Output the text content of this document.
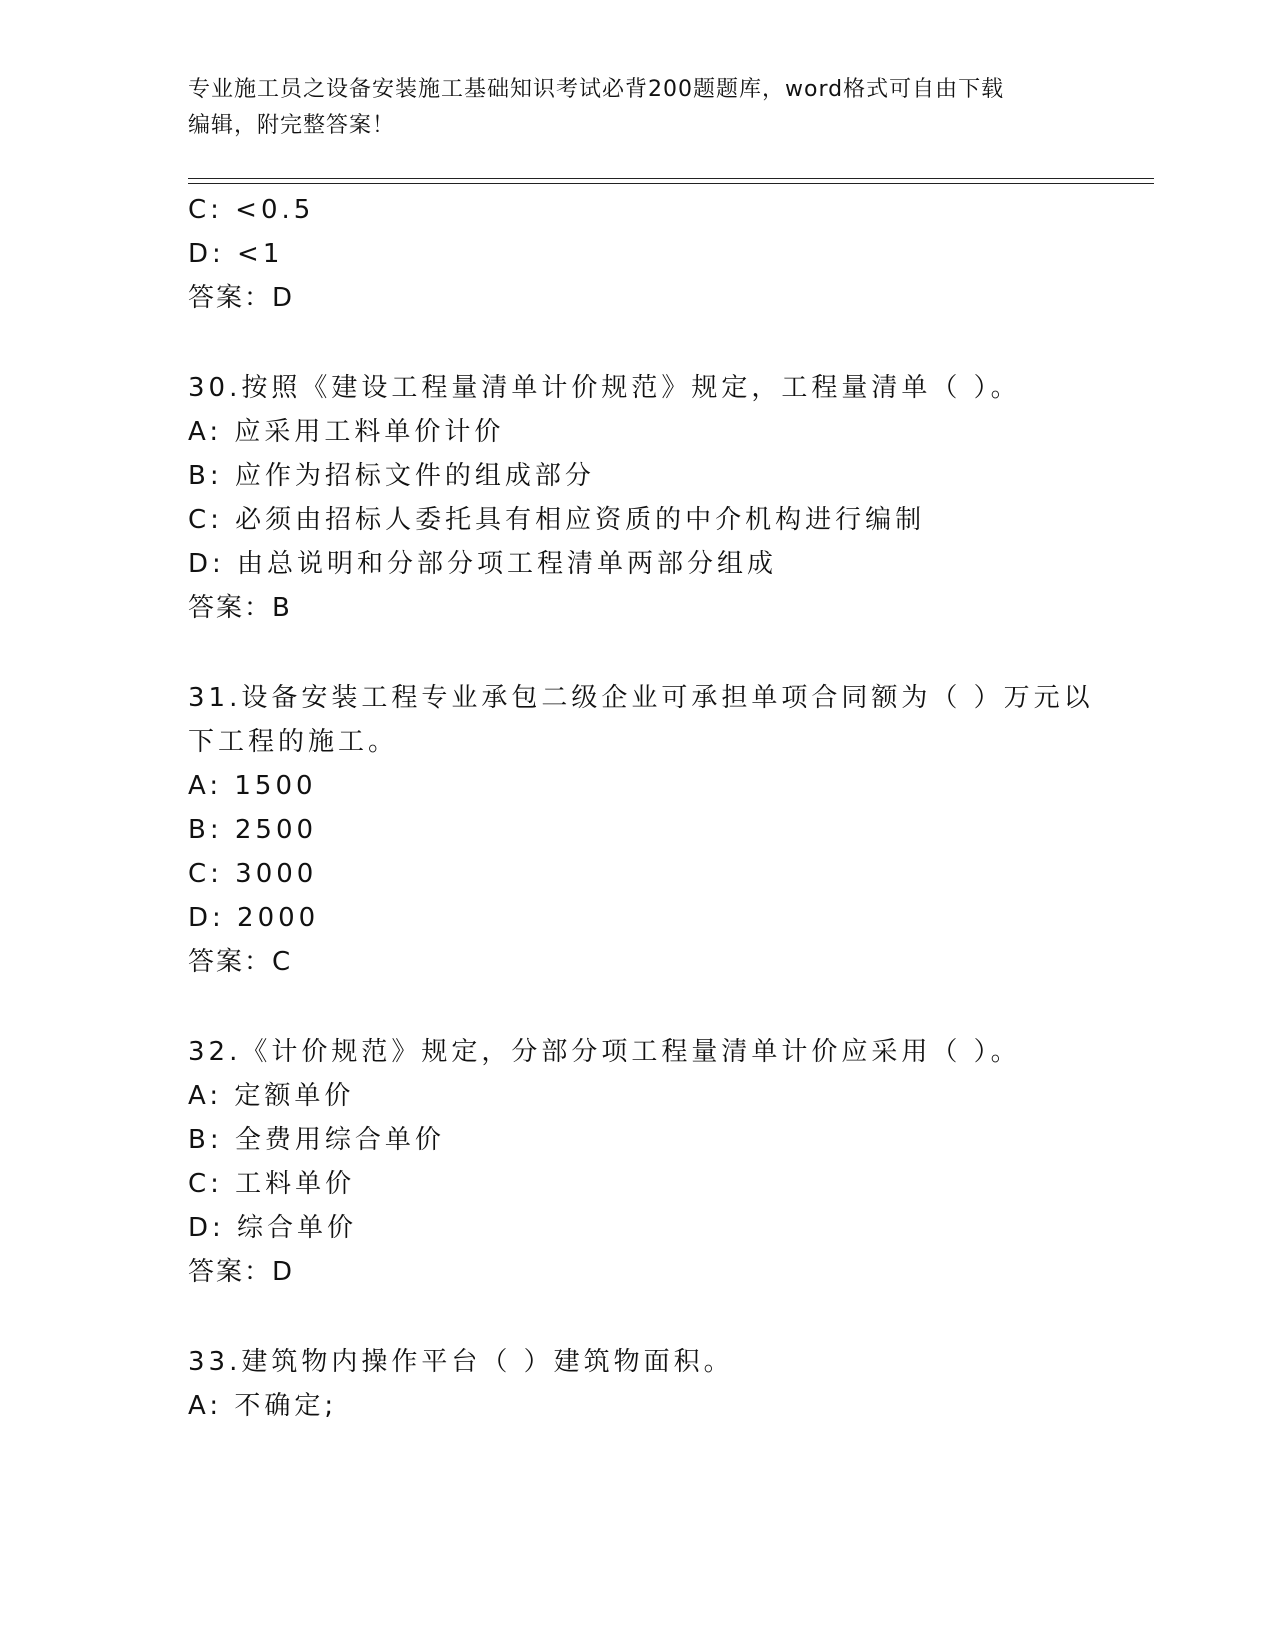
专业施工员之设备安装施工基础知识考试必背200题题库，word格式可自由下载
编辑，附完整答案！
C: <0.5
D: <1
答案：D
30.按照《建设工程量清单计价规范》规定，工程量清单（ ）。
A: 应采用工料单价计价
B: 应作为招标文件的组成部分
C: 必须由招标人委托具有相应资质的中介机构进行编制
D: 由总说明和分部分项工程清单两部分组成
答案：B
31.设备安装工程专业承包二级企业可承担单项合同额为（ ）万元以
下工程的施工。
A: 1500
B: 2500
C: 3000
D: 2000
答案：C
32.《计价规范》规定，分部分项工程量清单计价应采用（ ）。
A: 定额单价
B: 全费用综合单价
C: 工料单价
D: 综合单价
答案：D
33.建筑物内操作平台（ ）建筑物面积。
A: 不确定;
